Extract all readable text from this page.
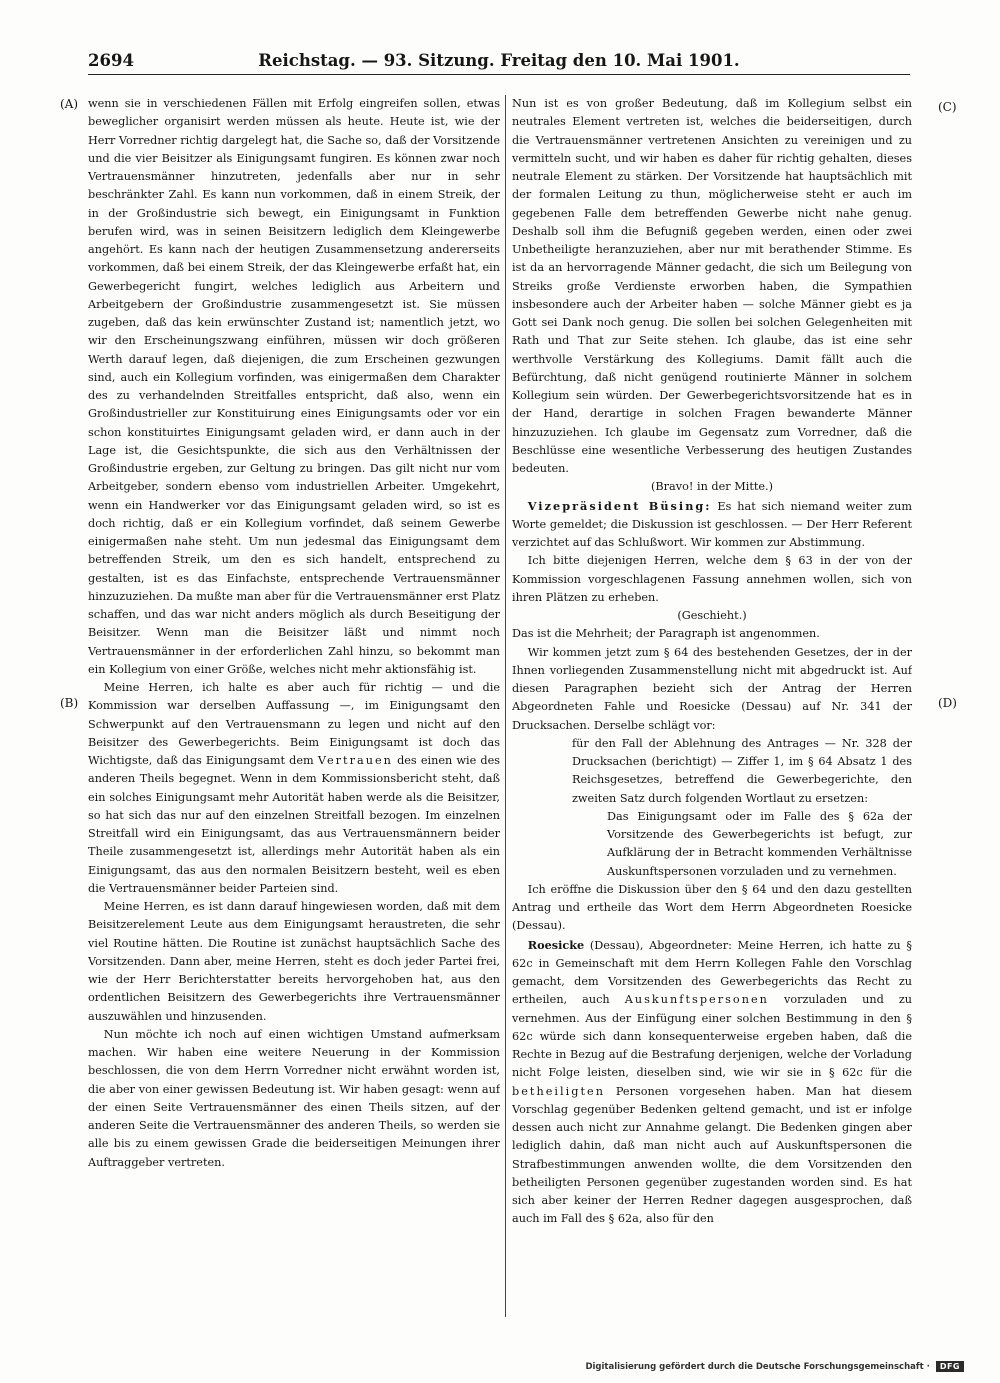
2694	Reichstag. — 93. Sitzung. Freitag den 10. Mai 1901.
(A)
(B)
(C)
(D)

wenn sie in verschiedenen Fällen mit Erfolg eingreifen sollen, etwas beweglicher organisirt werden müssen als heute. Heute ist, wie der Herr Vorredner richtig dargelegt hat, die Sache so, daß der Vorsitzende und die vier Beisitzer als Einigungsamt fungiren. Es können zwar noch Vertrauensmänner hinzutreten, jedenfalls aber nur in sehr beschränkter Zahl. Es kann nun vorkommen, daß in einem Streik, der in der Großindustrie sich bewegt, ein Einigungsamt in Funktion berufen wird, was in seinen Beisitzern lediglich dem Kleingewerbe angehört. Es kann nach der heutigen Zusammensetzung andererseits vorkommen, daß bei einem Streik, der das Kleingewerbe erfaßt hat, ein Gewerbegericht fungirt, welches lediglich aus Arbeitern und Arbeitgebern der Großindustrie zusammengesetzt ist. Sie müssen zugeben, daß das kein erwünschter Zustand ist; namentlich jetzt, wo wir den Erscheinungszwang einführen, müssen wir doch größeren Werth darauf legen, daß diejenigen, die zum Erscheinen gezwungen sind, auch ein Kollegium vorfinden, was einigermaßen dem Charakter des zu verhandelnden Streitfalles entspricht, daß also, wenn ein Großindustrieller zur Konstituirung eines Einigungsamts oder vor ein schon konstituirtes Einigungsamt geladen wird, er dann auch in der Lage ist, die Gesichtspunkte, die sich aus den Verhältnissen der Großindustrie ergeben, zur Geltung zu bringen. Das gilt nicht nur vom Arbeitgeber, sondern ebenso vom industriellen Arbeiter. Umgekehrt, wenn ein Handwerker vor das Einigungsamt geladen wird, so ist es doch richtig, daß er ein Kollegium vorfindet, daß seinem Gewerbe einigermaßen nahe steht. Um nun jedesmal das Einigungsamt dem betreffenden Streik, um den es sich handelt, entsprechend zu gestalten, ist es das Einfachste, entsprechende Vertrauensmänner hinzuzuziehen. Da mußte man aber für die Vertrauensmänner erst Platz schaffen, und das war nicht anders möglich als durch Beseitigung der Beisitzer. Wenn man die Beisitzer läßt und nimmt noch Vertrauensmänner in der erforderlichen Zahl hinzu, so bekommt man ein Kollegium von einer Größe, welches nicht mehr aktionsfähig ist.

Meine Herren, ich halte es aber auch für richtig — und die Kommission war derselben Auffassung —, im Einigungsamt den Schwerpunkt auf den Vertrauensmann zu legen und nicht auf den Beisitzer des Gewerbegerichts. Beim Einigungsamt ist doch das Wichtigste, daß das Einigungsamt dem Vertrauen des einen wie des anderen Theils begegnet. Wenn in dem Kommissionsbericht steht, daß ein solches Einigungsamt mehr Autorität haben werde als die Beisitzer, so hat sich das nur auf den einzelnen Streitfall bezogen. Im einzelnen Streitfall wird ein Einigungsamt, das aus Vertrauensmännern beider Theile zusammengesetzt ist, allerdings mehr Autorität haben als ein Einigungsamt, das aus den normalen Beisitzern besteht, weil es eben die Vertrauensmänner beider Parteien sind.

Meine Herren, es ist dann darauf hingewiesen worden, daß mit dem Beisitzerelement Leute aus dem Einigungsamt heraustreten, die sehr viel Routine hätten. Die Routine ist zunächst hauptsächlich Sache des Vorsitzenden. Dann aber, meine Herren, steht es doch jeder Partei frei, wie der Herr Berichterstatter bereits hervorgehoben hat, aus den ordentlichen Beisitzern des Gewerbegerichts ihre Vertrauensmänner auszuwählen und hinzusenden.

Nun möchte ich noch auf einen wichtigen Umstand aufmerksam machen. Wir haben eine weitere Neuerung in der Kommission beschlossen, die von dem Herrn Vorredner nicht erwähnt worden ist, die aber von einer gewissen Bedeutung ist. Wir haben gesagt: wenn auf der einen Seite Vertrauensmänner des einen Theils sitzen, auf der anderen Seite die Vertrauensmänner des anderen Theils, so werden sie alle bis zu einem gewissen Grade die beiderseitigen Meinungen ihrer Auftraggeber vertreten.

Nun ist es von großer Bedeutung, daß im Kollegium selbst ein neutrales Element vertreten ist, welches die beiderseitigen, durch die Vertrauensmänner vertretenen Ansichten zu vereinigen und zu vermitteln sucht, und wir haben es daher für richtig gehalten, dieses neutrale Element zu stärken. Der Vorsitzende hat hauptsächlich mit der formalen Leitung zu thun, möglicherweise steht er auch im gegebenen Falle dem betreffenden Gewerbe nicht nahe genug. Deshalb soll ihm die Befugniß gegeben werden, einen oder zwei Unbetheiligte heranzuziehen, aber nur mit berathender Stimme. Es ist da an hervorragende Männer gedacht, die sich um Beilegung von Streiks große Verdienste erworben haben, die Sympathien insbesondere auch der Arbeiter haben — solche Männer giebt es ja Gott sei Dank noch genug. Die sollen bei solchen Gelegenheiten mit Rath und That zur Seite stehen. Ich glaube, das ist eine sehr werthvolle Verstärkung des Kollegiums. Damit fällt auch die Befürchtung, daß nicht genügend routinierte Männer in solchem Kollegium sein würden. Der Gewerbegerichtsvorsitzende hat es in der Hand, derartige in solchen Fragen bewanderte Männer hinzuzuziehen. Ich glaube im Gegensatz zum Vorredner, daß die Beschlüsse eine wesentliche Verbesserung des heutigen Zustandes bedeuten.

(Bravo! in der Mitte.)

Vizepräsident Büsing: Es hat sich niemand weiter zum Worte gemeldet; die Diskussion ist geschlossen. — Der Herr Referent verzichtet auf das Schlußwort. Wir kommen zur Abstimmung.

Ich bitte diejenigen Herren, welche dem § 63 in der von der Kommission vorgeschlagenen Fassung annehmen wollen, sich von ihren Plätzen zu erheben.

(Geschieht.)

Das ist die Mehrheit; der Paragraph ist angenommen.

Wir kommen jetzt zum § 64 des bestehenden Gesetzes, der in der Ihnen vorliegenden Zusammenstellung nicht mit abgedruckt ist. Auf diesen Paragraphen bezieht sich der Antrag der Herren Abgeordneten Fahle und Roesicke (Dessau) auf Nr. 341 der Drucksachen. Derselbe schlägt vor:

für den Fall der Ablehnung des Antrages — Nr. 328 der Drucksachen (berichtigt) — Ziffer 1, im § 64 Absatz 1 des Reichsgesetzes, betreffend die Gewerbegerichte, den zweiten Satz durch folgenden Wortlaut zu ersetzen:

Das Einigungsamt oder im Falle des § 62a der Vorsitzende des Gewerbegerichts ist befugt, zur Aufklärung der in Betracht kommenden Verhältnisse Auskunftspersonen vorzuladen und zu vernehmen.

Ich eröffne die Diskussion über den § 64 und den dazu gestellten Antrag und ertheile das Wort dem Herrn Abgeordneten Roesicke (Dessau).

Roesicke (Dessau), Abgeordneter: Meine Herren, ich hatte zu § 62c in Gemeinschaft mit dem Herrn Kollegen Fahle den Vorschlag gemacht, dem Vorsitzenden des Gewerbegerichts das Recht zu ertheilen, auch Auskunftspersonen vorzuladen und zu vernehmen. Aus der Einfügung einer solchen Bestimmung in den § 62c würde sich dann konsequenterweise ergeben haben, daß die Rechte in Bezug auf die Bestrafung derjenigen, welche der Vorladung nicht Folge leisten, dieselben sind, wie wir sie in § 62c für die betheiligten Personen vorgesehen haben. Man hat diesem Vorschlag gegenüber Bedenken geltend gemacht, und ist er infolge dessen auch nicht zur Annahme gelangt. Die Bedenken gingen aber lediglich dahin, daß man nicht auch auf Auskunftspersonen die Strafbestimmungen anwenden wollte, die dem Vorsitzenden den betheiligten Personen gegenüber zugestanden worden sind. Es hat sich aber keiner der Herren Redner dagegen ausgesprochen, daß auch im Fall des § 62a, also für den

Digitalisierung gefördert durch die Deutsche Forschungsgemeinschaft ·	DFG
